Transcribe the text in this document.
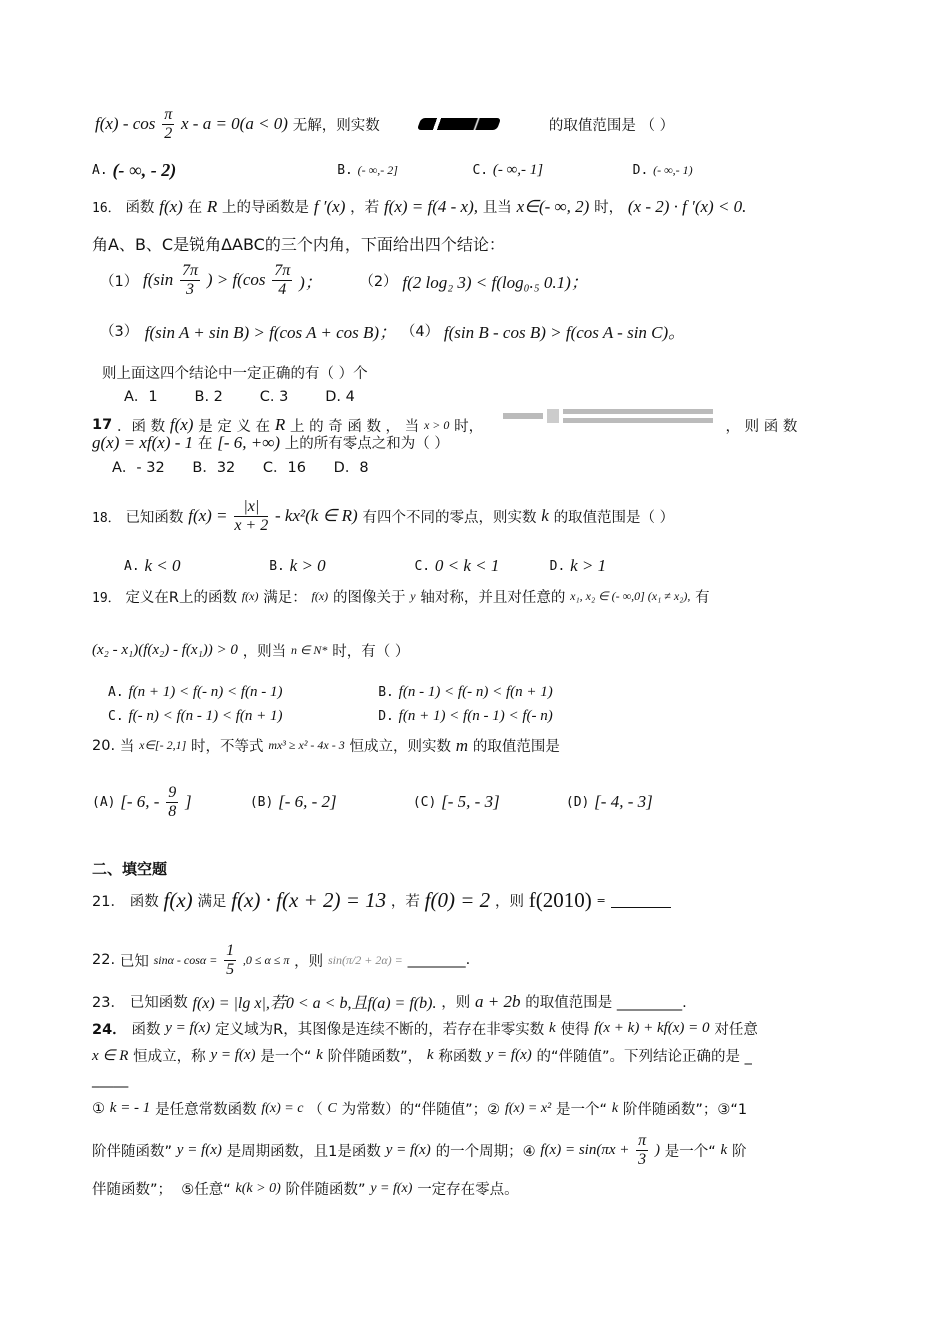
$f(x) - \cos \frac{\pi}{2}$ x - a = 0(a < 0) 无解，则实数	的取值范围是 （ ）
A. (- ∞, - 2)	B. (- ∞,- 2]	C. (- ∞,- 1]	D. (- ∞,- 1)
16． 函数 f(x) 在 R 上的导函数是 f ′(x) ，若 f(x) = f(4 - x), 且当 x∈(- ∞, 2) 时， (x - 2) · f ′(x) < 0.
角A、B、C是锐角ΔABC的三个内角，下面给出四个结论：
（1） $f(\sin \frac{7\pi}{3}$ ) > $f(\cos \frac{7\pi}{4}$ )；	（2） f(2 log₂ 3) < f(log₀.₅ 0.1)；
（3） f(sin A + sin B) > f(cos A + cos B)； （4） f(sin B - cos B) > f(cos A - sin C)。
则上面这四个结论中一定正确的有（ ）个
A．1        B. 2        C. 3        D. 4
17 ．函 数 f(x) 是 定 义 在 R 上 的 奇 函 数 ， 当 x > 0 时，	， 则 函 数
g(x) = xf(x) - 1 在 [- 6, +∞) 上的所有零点之和为（ ）
A．- 32      B．32      C．16      D．8
18． 已知函数 $f(x) = \frac{|x|}{x + 2} - kx^2(k$ ∈ R) 有四个不同的零点，则实数 k 的取值范围是（ ）
A. k < 0	B. k > 0	C. 0 < k < 1	D. k > 1
19． 定义在R上的函数 f(x) 满足： f(x) 的图像关于 y 轴对称，并且对任意的 x₁, x₂ ∈ (- ∞,0] (x₁ ≠ x₂), 有
(x₂ - x₁)(f(x₂) - f(x₁)) > 0 ，则当 n ∈ N* 时，有（ ）
A. f(n + 1) < f(- n) < f(n - 1)	B. f(n - 1) < f(- n) < f(n + 1)
C. f(- n) < f(n - 1) < f(n + 1)	D. f(n + 1) < f(n - 1) < f(- n)
20. 当 x∈[- 2,1] 时，不等式 mx³ ≥ x² - 4x - 3 恒成立，则实数 m 的取值范围是
(A) [- 6, - $\frac{9}{8}$ ]	(B) [- 6, - 2]	(C) [- 5, - 3]	(D) [- 4, - 3]
二、填空题
21． 函数 f(x) 满足 f(x) · f(x + 2) = 13 ，若 f(0) = 2 ，则 f(2010) =
22. 已知 $\sin\alpha - \cos\alpha = \frac{1}{5} ,0 \le \alpha \le \pi$ ，则 sin(π/2 + 2α) = ________.
23． 已知函数 f(x) = |lg x|,若0 < a < b,且f(a) = f(b). ，则 a + 2b 的取值范围是 _________.
24． 函数 y = f(x) 定义域为R，其图像是连续不断的，若存在非零实数 k 使得 f(x + k) + kf(x) = 0 对任意
x ∈ R 恒成立，称 y = f(x) 是一个“ k 阶伴随函数”， k 称函数 y = f(x) 的“伴随值”。下列结论正确的是 _
_____
① k = - 1 是任意常数函数 f(x) = c （ C 为常数）的“伴随值”；② f(x) = x² 是一个“ k 阶伴随函数”；③“1
阶伴随函数” y = f(x) 是周期函数，且1是函数 y = f(x) 的一个周期；④ $f(x) = \sin(\pi x + \frac{\pi}{3}$ ) 是一个“ k 阶
伴随函数”；  ⑤任意“ k(k > 0) 阶伴随函数” y = f(x) 一定存在零点。
